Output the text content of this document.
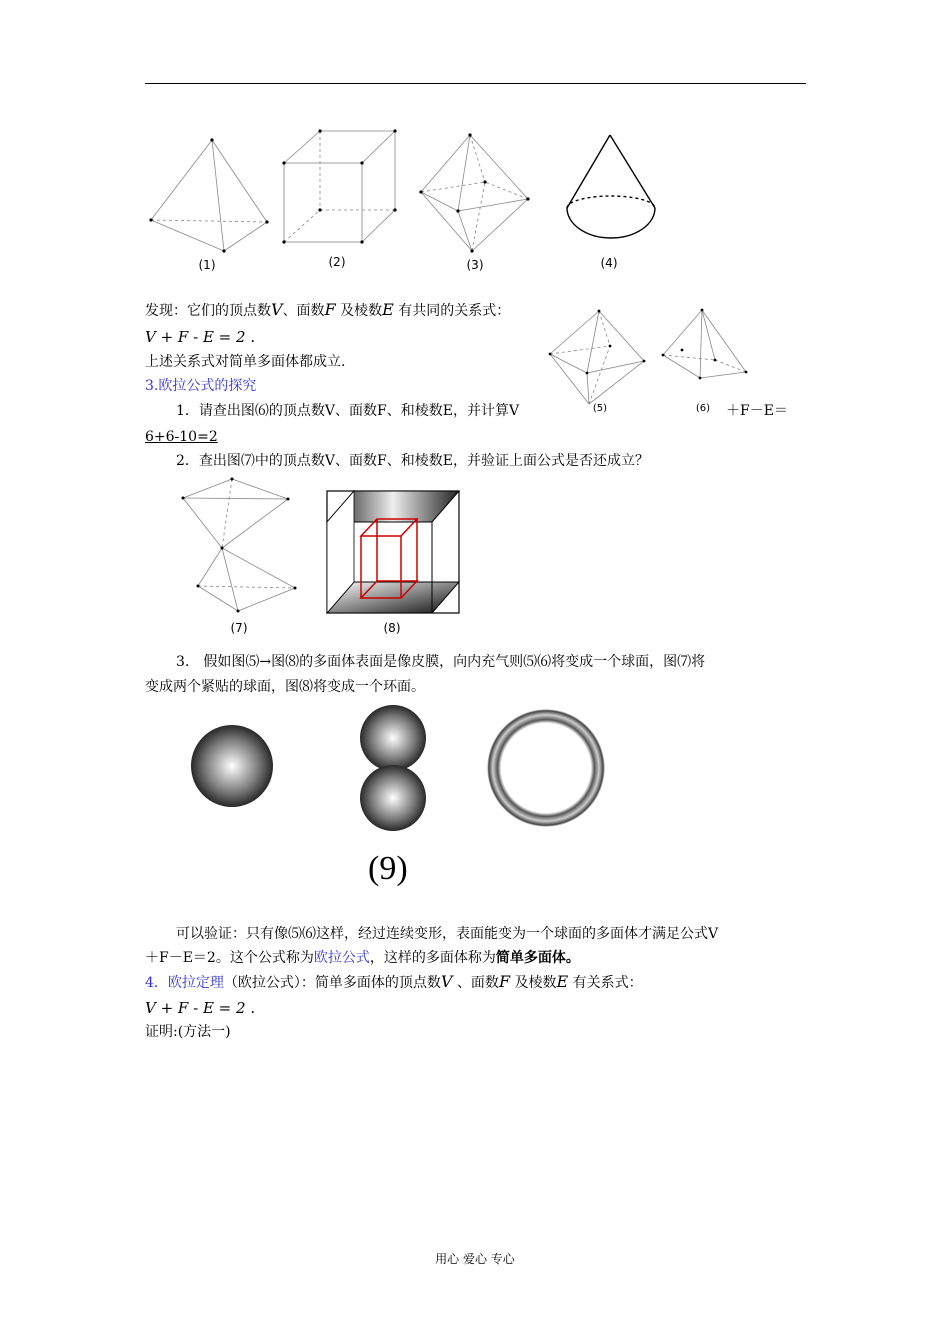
(1)	(2)	(3)	(4)
发现：它们的顶点数V、面数F 及棱数E 有共同的关系式：
V + F - E = 2 .
上述关系式对简单多面体都成立.
3.欧拉公式的探究
(5)	(6)
1．请查出图⑹的顶点数V、面数F、和棱数E，并计算V	＋F－E＝
6+6-10=2
2．查出图⑺中的顶点数V、面数F、和棱数E，并验证上面公式是否还成立？
(7)	(8)
3.　假如图⑸→图⑻的多面体表面是像皮膜，向内充气则⑸⑹将变成一个球面，图⑺将
变成两个紧贴的球面，图⑻将变成一个环面。
(9)
可以验证：只有像⑸⑹这样，经过连续变形，表面能变为一个球面的多面体才满足公式V
＋F－E＝2。这个公式称为欧拉公式，这样的多面体称为简单多面体。
4．欧拉定理（欧拉公式）：简单多面体的顶点数V 、面数F 及棱数E 有关系式：
V + F - E = 2 .
证明:(方法一)
用心 爱心 专心
